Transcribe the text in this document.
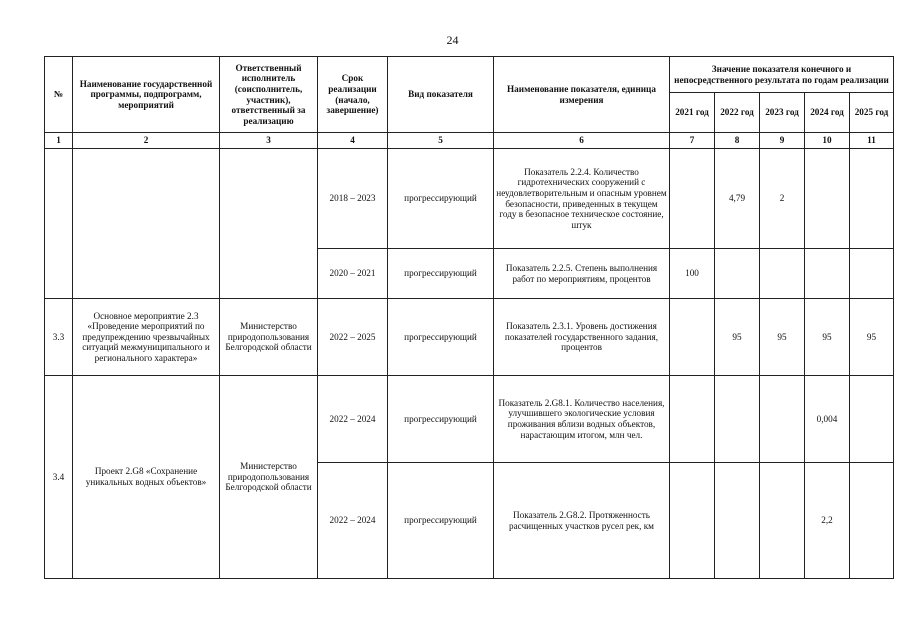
24
№	Наименование государственной программы, подпрограмм, мероприятий	Ответственный исполнитель (соисполнитель, участник), ответственный за реализацию	Срок реализации (начало, завершение)	Вид показателя	Наименование показателя, единица измерения	Значение показателя конечного и непосредственного результата по годам реализации				
						2021 год	2022 год	2023 год	2024 год	2025 год
1	2	3	4	5	6	7	8	9	10	11
			2018 – 2023	прогрессирующий	Показатель 2.2.4. Количество гидротехнических сооружений с неудовлетворительным и опасным уровнем безопасности, приведенных в текущем году в безопасное техническое состояние, штук		4,79	2		
			2020 – 2021	прогрессирующий	Показатель 2.2.5. Степень выполнения работ по мероприятиям, процентов	100				
3.3	Основное мероприятие 2.3 «Проведение мероприятий по предупреждению чрезвычайных ситуаций межмуниципального и регионального характера»	Министерство природопользования Белгородской области	2022 – 2025	прогрессирующий	Показатель 2.3.1. Уровень достижения показателей государственного задания, процентов		95	95	95	95
3.4	Проект 2.G8 «Сохранение уникальных водных объектов»	Министерство природопользования Белгородской области	2022 – 2024	прогрессирующий	Показатель 2.G8.1. Количество населения, улучшившего экологические условия проживания вблизи водных объектов, нарастающим итогом, млн чел.				0,004	
			2022 – 2024	прогрессирующий	Показатель 2.G8.2. Протяженность расчищенных участков русел рек, км				2,2	
